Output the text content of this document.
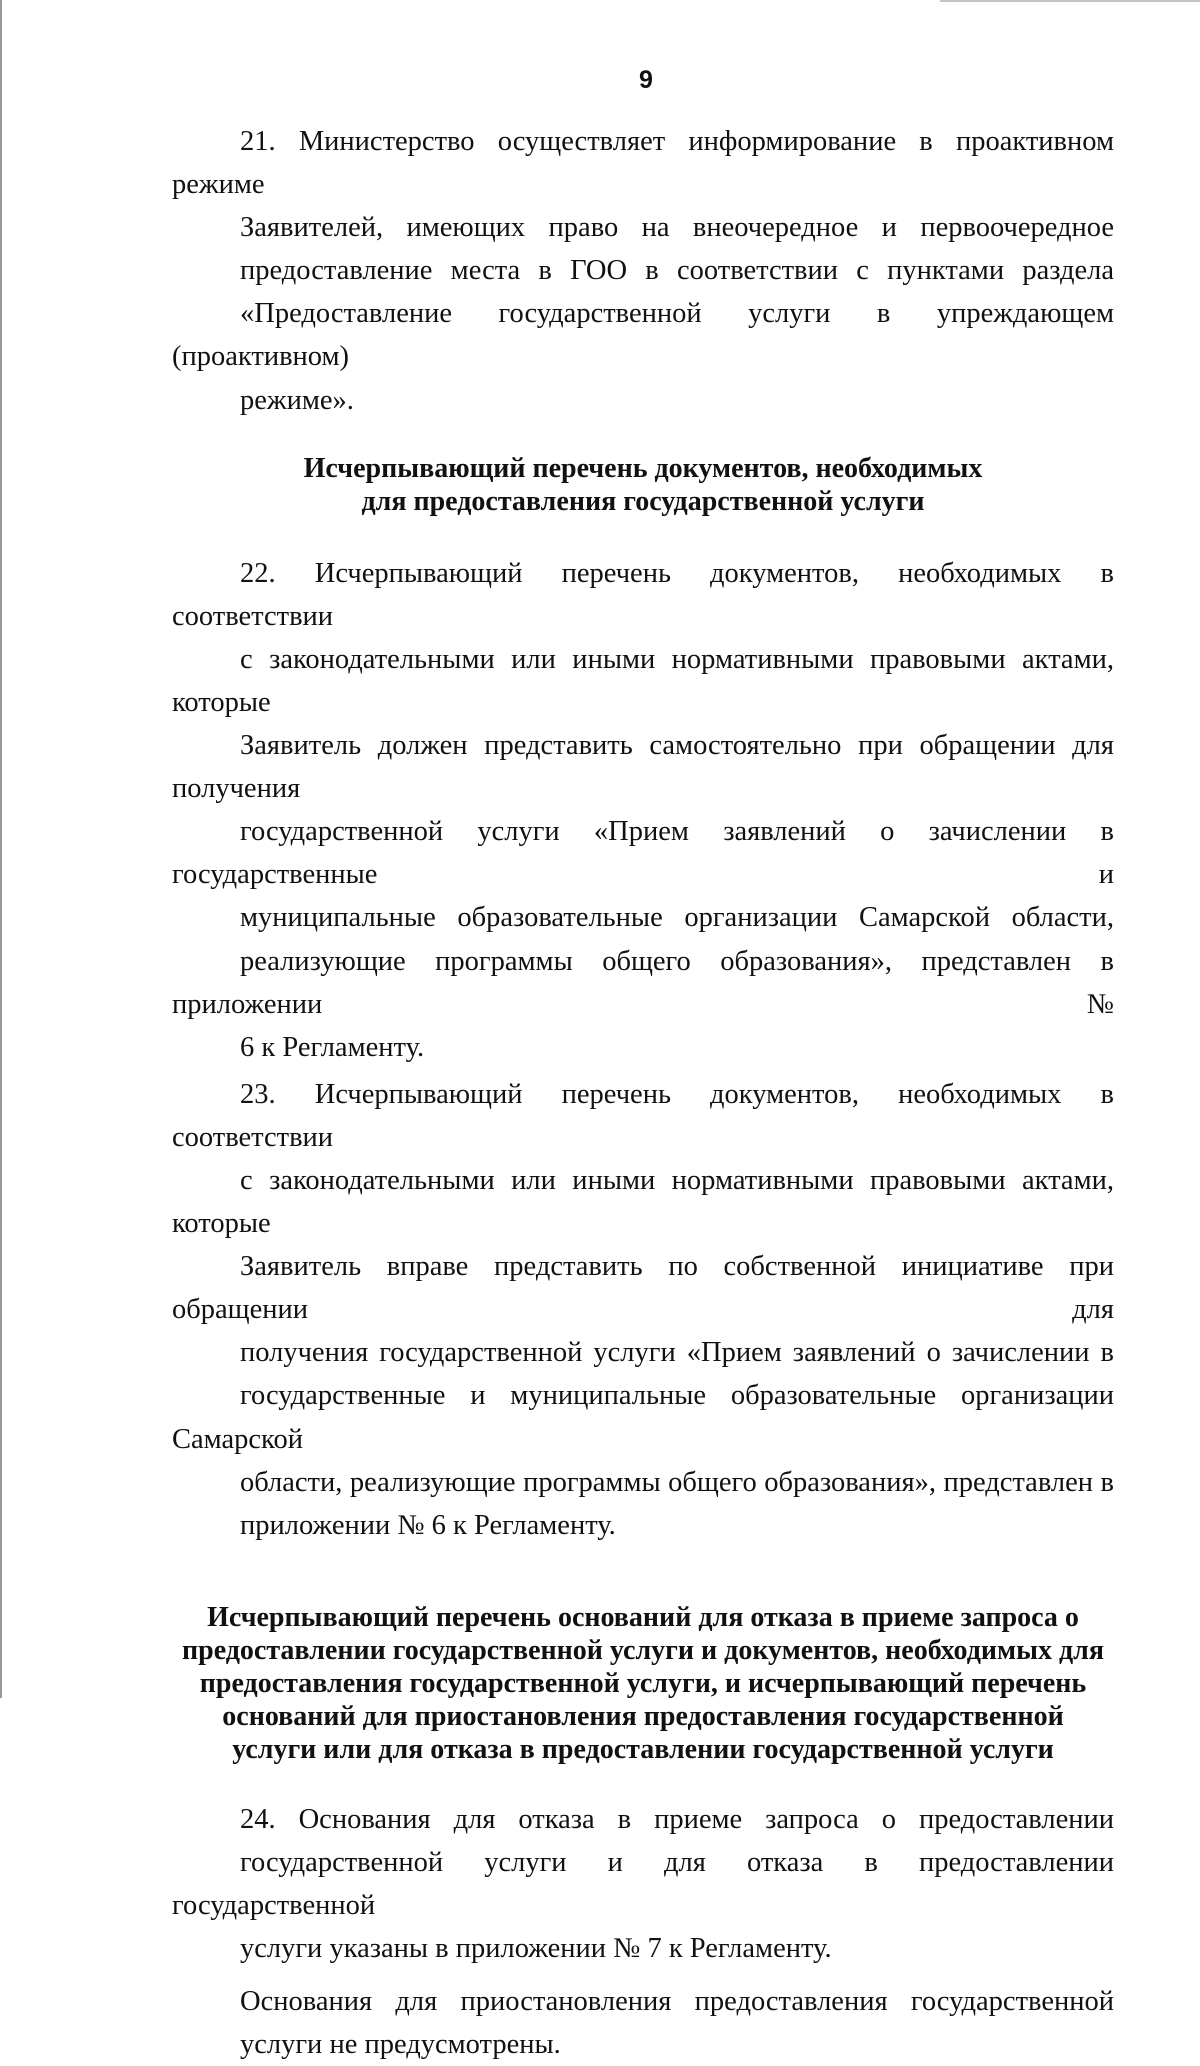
9

21. Министерство осуществляет информирование в проактивном режиме
Заявителей, имеющих право на внеочередное и первоочередное
предоставление места в ГОО в соответствии с пунктами раздела
«Предоставление государственной услуги в упреждающем (проактивном)
режиме».

Исчерпывающий перечень документов, необходимых
для предоставления государственной услуги

22. Исчерпывающий перечень документов, необходимых в соответствии
с законодательными или иными нормативными правовыми актами, которые
Заявитель должен представить самостоятельно при обращении для получения
государственной услуги «Прием заявлений о зачислении в государственные и
муниципальные образовательные организации Самарской области,
реализующие программы общего образования», представлен в приложении №
6 к Регламенту.

23. Исчерпывающий перечень документов, необходимых в соответствии
с законодательными или иными нормативными правовыми актами, которые
Заявитель вправе представить по собственной инициативе при обращении для
получения государственной услуги «Прием заявлений о зачислении в
государственные и муниципальные образовательные организации Самарской
области, реализующие программы общего образования», представлен в
приложении № 6 к Регламенту.

Исчерпывающий перечень оснований для отказа в приеме запроса о
предоставлении государственной услуги и документов, необходимых для
предоставления государственной услуги, и исчерпывающий перечень
оснований для приостановления предоставления государственной
услуги или для отказа в предоставлении государственной услуги

24. Основания для отказа в приеме запроса о предоставлении
государственной услуги и для отказа в предоставлении государственной
услуги указаны в приложении № 7 к Регламенту.

Основания для приостановления предоставления государственной
услуги не предусмотрены.
